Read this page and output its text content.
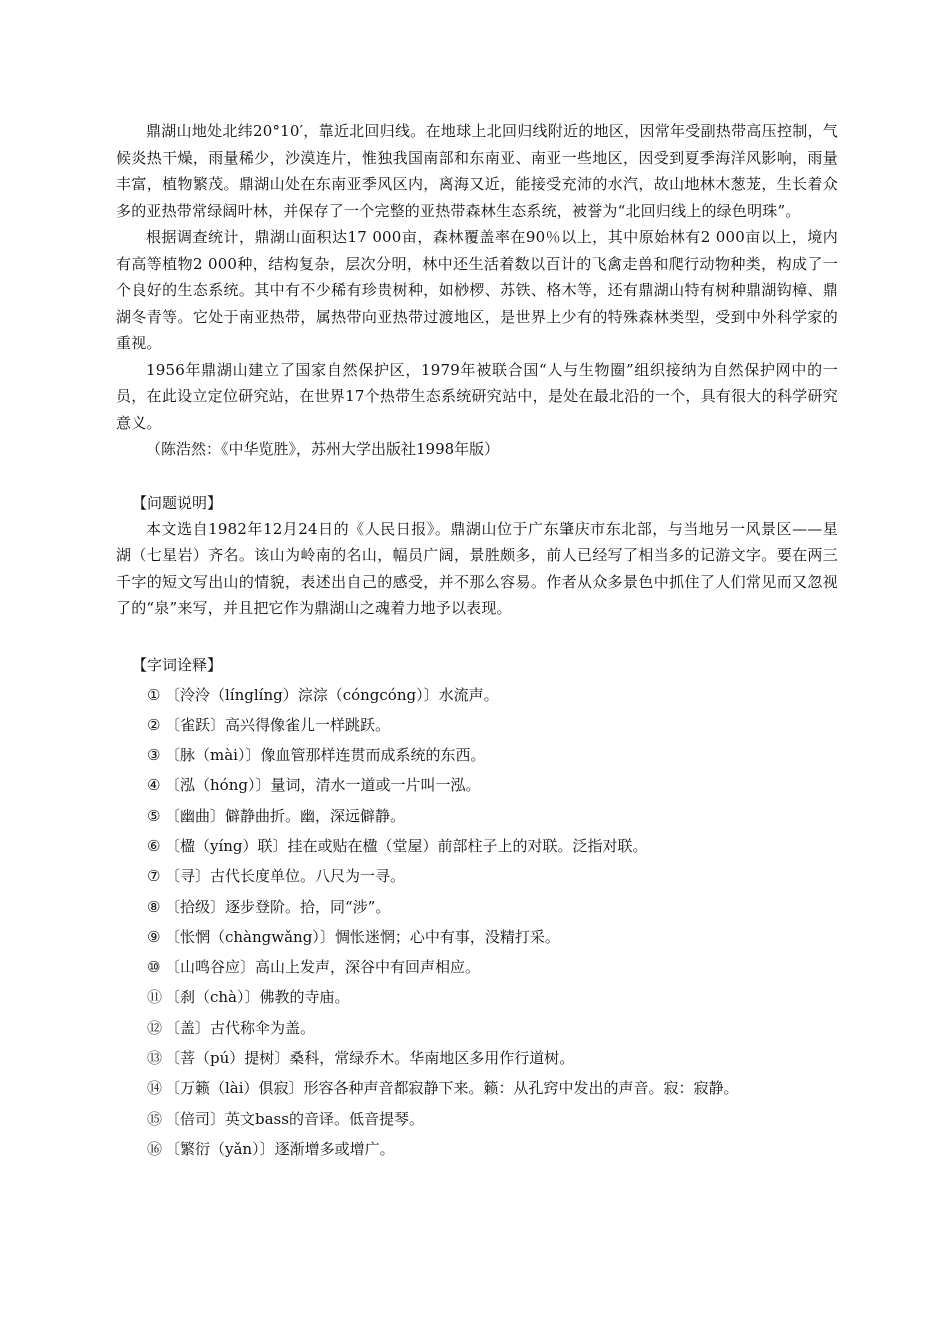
鼎湖山地处北纬20°10′，靠近北回归线。在地球上北回归线附近的地区，因常年受副热带高压控制，气候炎热干燥，雨量稀少，沙漠连片，惟独我国南部和东南亚、南亚一些地区，因受到夏季海洋风影响，雨量丰富，植物繁茂。鼎湖山处在东南亚季风区内，离海又近，能接受充沛的水汽，故山地林木葱茏，生长着众多的亚热带常绿阔叶林，并保存了一个完整的亚热带森林生态系统，被誉为“北回归线上的绿色明珠”。

根据调查统计，鼎湖山面积达17 000亩，森林覆盖率在90％以上，其中原始林有2 000亩以上，境内有高等植物2 000种，结构复杂，层次分明，林中还生活着数以百计的飞禽走兽和爬行动物种类，构成了一个良好的生态系统。其中有不少稀有珍贵树种，如桫椤、苏铁、格木等，还有鼎湖山特有树种鼎湖钩樟、鼎湖冬青等。它处于南亚热带，属热带向亚热带过渡地区，是世界上少有的特殊森林类型，受到中外科学家的重视。

1956年鼎湖山建立了国家自然保护区，1979年被联合国“人与生物圈”组织接纳为自然保护网中的一员，在此设立定位研究站，在世界17个热带生态系统研究站中，是处在最北沿的一个，具有很大的科学研究意义。

（陈浩然：《中华览胜》，苏州大学出版社1998年版）

【问题说明】

本文选自1982年12月24日的《人民日报》。鼎湖山位于广东肇庆市东北部，与当地另一风景区——星湖（七星岩）齐名。该山为岭南的名山，幅员广阔，景胜颇多，前人已经写了相当多的记游文字。要在两三千字的短文写出山的情貌，表述出自己的感受，并不那么容易。作者从众多景色中抓住了人们常见而又忽视了的“泉”来写，并且把它作为鼎湖山之魂着力地予以表现。

【字词诠释】

① 〔泠泠（línglíng）淙淙（cóngcóng）〕水流声。
② 〔雀跃〕高兴得像雀儿一样跳跃。
③ 〔脉（mài）〕像血管那样连贯而成系统的东西。
④ 〔泓（hóng）〕量词，清水一道或一片叫一泓。
⑤ 〔幽曲〕僻静曲折。幽，深远僻静。
⑥ 〔楹（yíng）联〕挂在或贴在楹（堂屋）前部柱子上的对联。泛指对联。
⑦ 〔寻〕古代长度单位。八尺为一寻。
⑧ 〔拾级〕逐步登阶。拾，同“涉”。
⑨ 〔怅惘（chàngwǎng）〕惆怅迷惘；心中有事，没精打采。
⑩ 〔山鸣谷应〕高山上发声，深谷中有回声相应。
⑪ 〔刹（chà）〕佛教的寺庙。
⑫ 〔盖〕古代称伞为盖。
⑬ 〔菩（pú）提树〕桑科，常绿乔木。华南地区多用作行道树。
⑭ 〔万籁（lài）俱寂〕形容各种声音都寂静下来。籁：从孔窍中发出的声音。寂：寂静。
⑮ 〔倍司〕英文bass的音译。低音提琴。
⑯ 〔繁衍（yǎn）〕逐渐增多或增广。
